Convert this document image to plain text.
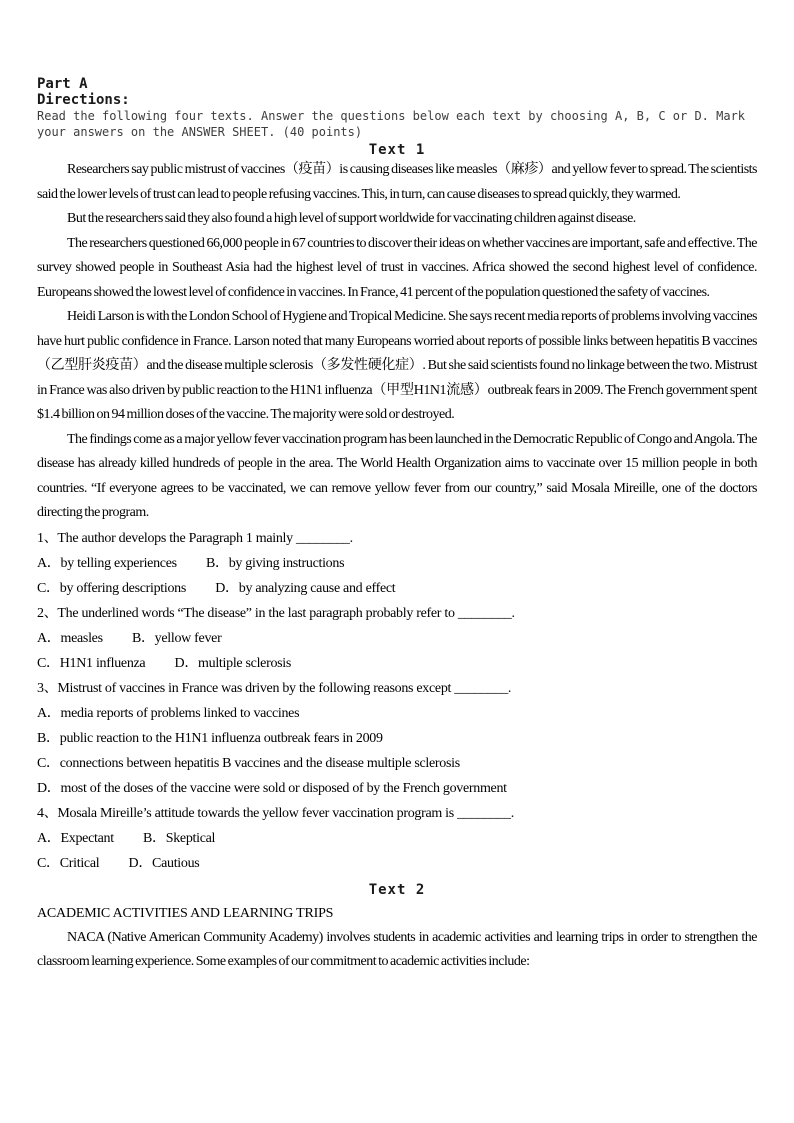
Part A
Directions:
Read the following four texts. Answer the questions below each text by choosing A, B, C or D. Mark
your answers on the ANSWER SHEET. (40 points)
Text 1

Researchers say public mistrust of vaccines（疫苗）is causing diseases like measles（麻疹）and yellow fever to spread. The scientists said the lower levels of trust can lead to people refusing vaccines. This, in turn, can cause diseases to spread quickly, they warmed.

But the researchers said they also found a high level of support worldwide for vaccinating children against disease.

The researchers questioned 66,000 people in 67 countries to discover their ideas on whether vaccines are important, safe and effective. The survey showed people in Southeast Asia had the highest level of trust in vaccines. Africa showed the second highest level of confidence. Europeans showed the lowest level of confidence in vaccines. In France, 41 percent of the population questioned the safety of vaccines.

Heidi Larson is with the London School of Hygiene and Tropical Medicine. She says recent media reports of problems involving vaccines have hurt public confidence in France. Larson noted that many Europeans worried about reports of possible links between hepatitis B vaccines（乙型肝炎疫苗）and the disease multiple sclerosis（多发性硬化症）. But she said scientists found no linkage between the two. Mistrust in France was also driven by public reaction to the H1N1 influenza（甲型H1N1流感）outbreak fears in 2009. The French government spent $1.4 billion on 94 million doses of the vaccine. The majority were sold or destroyed.

The findings come as a major yellow fever vaccination program has been launched in the Democratic Republic of Congo and Angola. The disease has already killed hundreds of people in the area. The World Health Organization aims to vaccinate over 15 million people in both countries. “If everyone agrees to be vaccinated, we can remove yellow fever from our country,” said Mosala Mireille, one of the doctors directing the program.

1、The author develops the Paragraph 1 mainly ________.
A．by telling experiences B．by giving instructions
C．by offering descriptions D．by analyzing cause and effect
2、The underlined words “The disease” in the last paragraph probably refer to ________.
A．measles B．yellow fever
C．H1N1 influenza D．multiple sclerosis
3、Mistrust of vaccines in France was driven by the following reasons except ________.
A．media reports of problems linked to vaccines
B．public reaction to the H1N1 influenza outbreak fears in 2009
C．connections between hepatitis B vaccines and the disease multiple sclerosis
D．most of the doses of the vaccine were sold or disposed of by the French government
4、Mosala Mireille’s attitude towards the yellow fever vaccination program is ________.
A．Expectant B．Skeptical
C．Critical D．Cautious
Text 2
ACADEMIC ACTIVITIES AND LEARNING TRIPS

NACA (Native American Community Academy) involves students in academic activities and learning trips in order to strengthen the classroom learning experience. Some examples of our commitment to academic activities include:
